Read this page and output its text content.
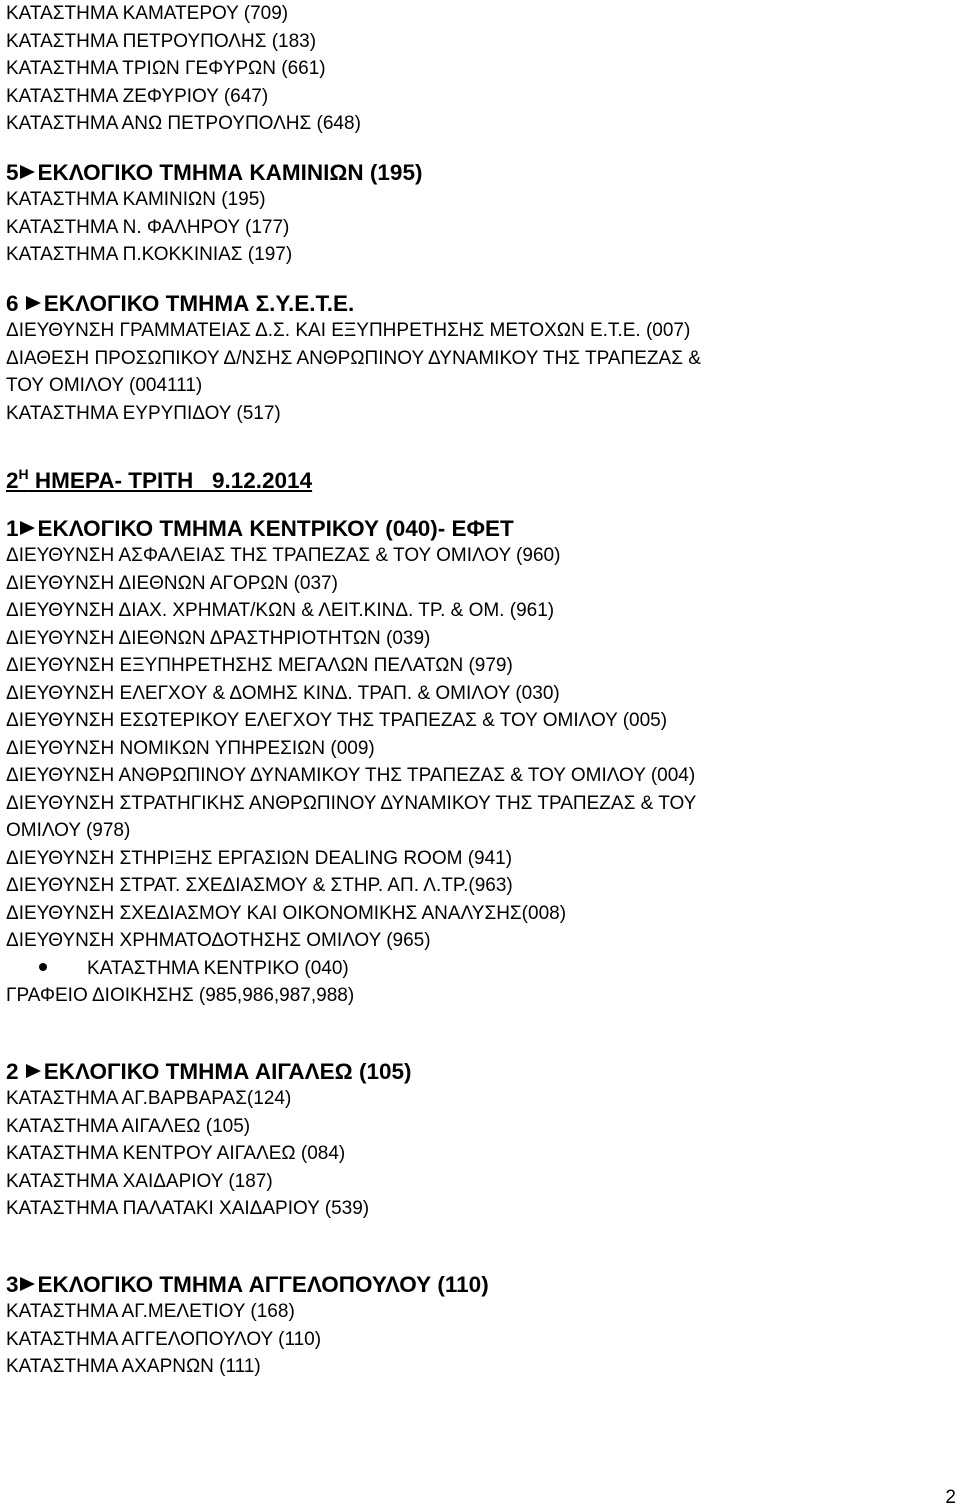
ΚΑΤΑΣΤΗΜΑ ΚΑΜΑΤΕΡΟΥ (709)
ΚΑΤΑΣΤΗΜΑ ΠΕΤΡΟΥΠΟΛΗΣ (183)
ΚΑΤΑΣΤΗΜΑ ΤΡΙΩΝ ΓΕΦΥΡΩΝ (661)
ΚΑΤΑΣΤΗΜΑ ΖΕΦΥΡΙΟΥ (647)
ΚΑΤΑΣΤΗΜΑ ΑΝΩ ΠΕΤΡΟΥΠΟΛΗΣ (648)
5 ΕΚΛΟΓΙΚΟ ΤΜΗΜΑ ΚΑΜΙΝΙΩΝ (195)
ΚΑΤΑΣΤΗΜΑ ΚΑΜΙΝΙΩΝ (195)
ΚΑΤΑΣΤΗΜΑ Ν. ΦΑΛΗΡΟΥ (177)
ΚΑΤΑΣΤΗΜΑ Π.ΚΟΚΚΙΝΙΑΣ (197)
6 ΕΚΛΟΓΙΚΟ ΤΜΗΜΑ Σ.Υ.Ε.Τ.Ε.
ΔΙΕΥΘΥΝΣΗ ΓΡΑΜΜΑΤΕΙΑΣ Δ.Σ. ΚΑΙ ΕΞΥΠΗΡΕΤΗΣΗΣ ΜΕΤΟΧΩΝ Ε.Τ.Ε. (007)
ΔΙΑΘΕΣΗ ΠΡΟΣΩΠΙΚΟΥ Δ/ΝΣΗΣ ΑΝΘΡΩΠΙΝΟΥ ΔΥΝΑΜΙΚΟΥ ΤΗΣ ΤΡΑΠΕΖΑΣ &
ΤΟΥ ΟΜΙΛΟΥ (004111)
ΚΑΤΑΣΤΗΜΑ ΕΥΡΥΠΙΔΟΥ (517)
$2^H$ ΗΜΕΡΑ- ΤΡΙΤΗ   9.12.2014
1 ΕΚΛΟΓΙΚΟ ΤΜΗΜΑ ΚΕΝΤΡΙΚΟΥ (040)- ΕΦΕΤ
ΔΙΕΥΘΥΝΣΗ ΑΣΦΑΛΕΙΑΣ ΤΗΣ ΤΡΑΠΕΖΑΣ & ΤΟΥ ΟΜΙΛΟΥ (960)
ΔΙΕΥΘΥΝΣΗ ΔΙΕΘΝΩΝ ΑΓΟΡΩΝ (037)
ΔΙΕΥΘΥΝΣΗ ΔΙΑΧ. ΧΡΗΜΑΤ/ΚΩΝ & ΛΕΙΤ.ΚΙΝΔ. ΤΡ. & ΟΜ. (961)
ΔΙΕΥΘΥΝΣΗ ΔΙΕΘΝΩΝ ΔΡΑΣΤΗΡΙΟΤΗΤΩΝ (039)
ΔΙΕΥΘΥΝΣΗ ΕΞΥΠΗΡΕΤΗΣΗΣ ΜΕΓΑΛΩΝ ΠΕΛΑΤΩΝ (979)
ΔΙΕΥΘΥΝΣΗ ΕΛΕΓΧΟΥ & ΔΟΜΗΣ ΚΙΝΔ. ΤΡΑΠ. & ΟΜΙΛΟΥ (030)
ΔΙΕΥΘΥΝΣΗ ΕΣΩΤΕΡΙΚΟΥ ΕΛΕΓΧΟΥ ΤΗΣ ΤΡΑΠΕΖΑΣ & ΤΟΥ ΟΜΙΛΟΥ (005)
ΔΙΕΥΘΥΝΣΗ ΝΟΜΙΚΩΝ ΥΠΗΡΕΣΙΩΝ (009)
ΔΙΕΥΘΥΝΣΗ ΑΝΘΡΩΠΙΝΟΥ ΔΥΝΑΜΙΚΟΥ ΤΗΣ ΤΡΑΠΕΖΑΣ & ΤΟΥ ΟΜΙΛΟΥ (004)
ΔΙΕΥΘΥΝΣΗ ΣΤΡΑΤΗΓΙΚΗΣ ΑΝΘΡΩΠΙΝΟΥ ΔΥΝΑΜΙΚΟΥ ΤΗΣ ΤΡΑΠΕΖΑΣ & ΤΟΥ
ΟΜΙΛΟΥ (978)
ΔΙΕΥΘΥΝΣΗ ΣΤΗΡΙΞΗΣ ΕΡΓΑΣΙΩΝ DEALING ROOM (941)
ΔΙΕΥΘΥΝΣΗ ΣΤΡΑΤ. ΣΧΕΔΙΑΣΜΟΥ & ΣΤΗΡ. ΑΠ. Λ.ΤΡ.(963)
ΔΙΕΥΘΥΝΣΗ ΣΧΕΔΙΑΣΜΟΥ ΚΑΙ ΟΙΚΟΝΟΜΙΚΗΣ ΑΝΑΛΥΣΗΣ(008)
ΔΙΕΥΘΥΝΣΗ ΧΡΗΜΑΤΟΔΟΤΗΣΗΣ ΟΜΙΛΟΥ (965)
ΚΑΤΑΣΤΗΜΑ ΚΕΝΤΡΙΚΟ (040)
ΓΡΑΦΕΙΟ ΔΙΟΙΚΗΣΗΣ (985,986,987,988)
2 ΕΚΛΟΓΙΚΟ ΤΜΗΜΑ ΑΙΓΑΛΕΩ (105)
ΚΑΤΑΣΤΗΜΑ ΑΓ.ΒΑΡΒΑΡΑΣ(124)
ΚΑΤΑΣΤΗΜΑ ΑΙΓΑΛΕΩ (105)
ΚΑΤΑΣΤΗΜΑ ΚΕΝΤΡΟΥ ΑΙΓΑΛΕΩ (084)
ΚΑΤΑΣΤΗΜΑ ΧΑΙΔΑΡΙΟΥ (187)
ΚΑΤΑΣΤΗΜΑ ΠΑΛΑΤΑΚΙ ΧΑΙΔΑΡΙΟΥ (539)
3 ΕΚΛΟΓΙΚΟ ΤΜΗΜΑ ΑΓΓΕΛΟΠΟΥΛΟΥ (110)
ΚΑΤΑΣΤΗΜΑ ΑΓ.ΜΕΛΕΤΙΟΥ (168)
ΚΑΤΑΣΤΗΜΑ ΑΓΓΕΛΟΠΟΥΛΟΥ (110)
ΚΑΤΑΣΤΗΜΑ ΑΧΑΡΝΩΝ (111)
2
